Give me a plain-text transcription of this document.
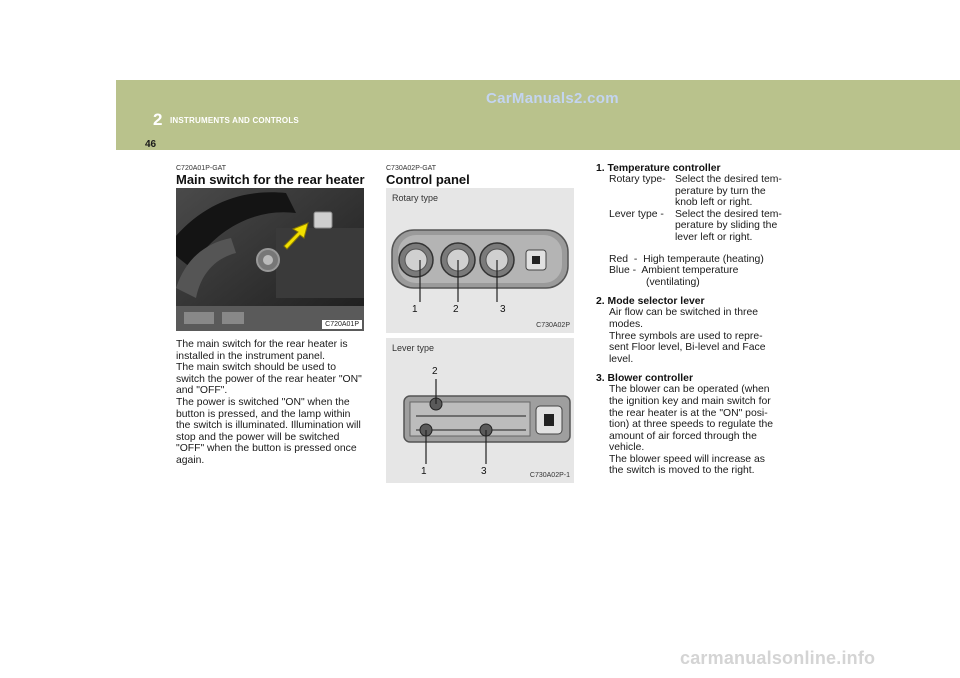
2 INSTRUMENTS AND CONTROLS
46
CarManuals2.com
C720A01P-GAT
Main switch for the rear heater
C720A01P
The main switch for the rear heater is installed in the instrument panel.
The main switch should be used to switch the power of the rear heater "ON" and "OFF".
The power is switched "ON" when the button is pressed, and the lamp within the switch is illuminated. Illumination will stop and the power will be switched "OFF" when the button is pressed once again.
C730A02P-GAT
Control panel
Rotary type
1	2	3
C730A02P
Lever type
2
1	3	C730A02P-1
1. Temperature controller
Rotary type- Select the desired tem-
perature by turn the
knob left or right.
Lever type -	Select the desired tem-
perature by sliding the
lever left or right.
Red  -  High temperaute (heating)
Blue -  Ambient temperature
(ventilating)
2. Mode selector lever
Air flow can be switched in three
modes.
Three symbols are used to repre-
sent Floor level, Bi-level and Face
level.
3. Blower controller
The blower can be operated (when
the ignition key and main switch for
the rear heater is at the "ON" posi-
tion) at three speeds to regulate the
amount of air forced through the
vehicle.
The blower speed will increase as
the switch is moved to the right.
carmanualsonline.info
